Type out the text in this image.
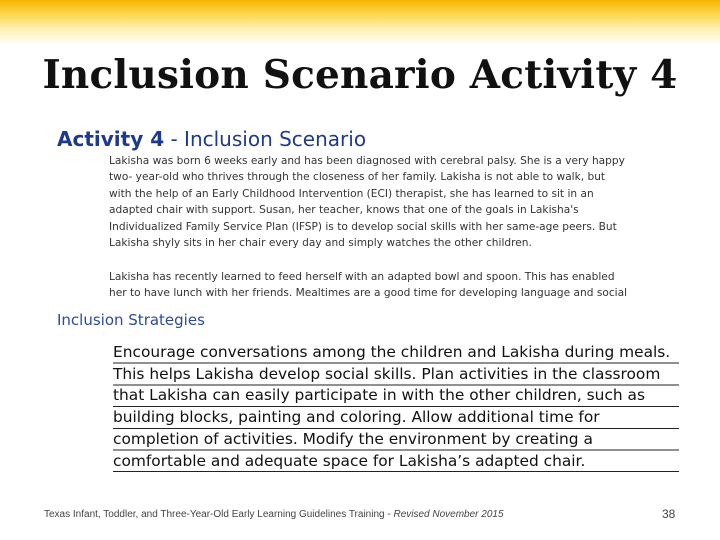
Inclusion Scenario Activity 4
Activity 4 - Inclusion Scenario

Lakisha was born 6 weeks early and has been diagnosed with cerebral palsy. She is a very happy two- year-old who thrives through the closeness of her family. Lakisha is not able to walk, but with the help of an Early Childhood Intervention (ECI) therapist, she has learned to sit in an adapted chair with support. Susan, her teacher, knows that one of the goals in Lakisha's Individualized Family Service Plan (IFSP) is to develop social skills with her same-age peers. But Lakisha shyly sits in her chair every day and simply watches the other children.

Lakisha has recently learned to feed herself with an adapted bowl and spoon. This has enabled her to have lunch with her friends. Mealtimes are a good time for developing language and social

Inclusion Strategies

Encourage conversations among the children and Lakisha during meals. This helps Lakisha develop social skills. Plan activities in the classroom that Lakisha can easily participate in with the other children, such as building blocks, painting and coloring. Allow additional time for completion of activities. Modify the environment by creating a comfortable and adequate space for Lakisha’s adapted chair.

Texas Infant, Toddler, and Three-Year-Old Early Learning Guidelines Training - Revised November 2015	38
